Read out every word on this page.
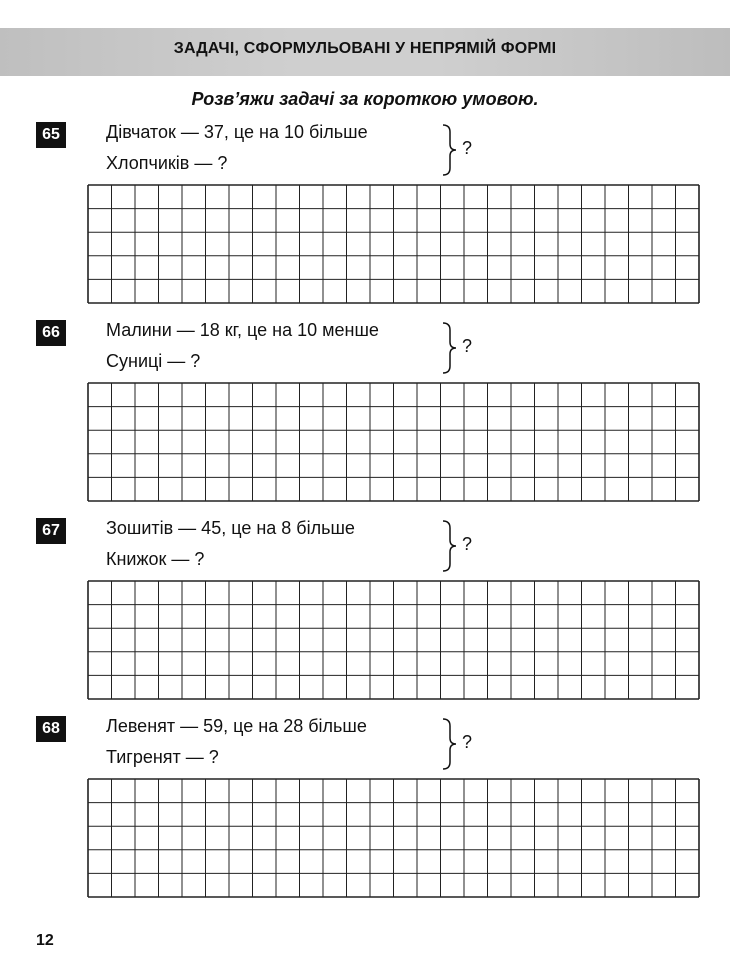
ЗАДАЧІ, СФОРМУЛЬОВАНІ У НЕПРЯМІЙ ФОРМІ
Розв’яжи задачі за короткою умовою.
65	Дівчаток — 37, це на 10 більше
Хлопчиків — ?
?
66	Малини — 18 кг, це на 10 менше
Суниці — ?
?
67	Зошитів — 45, це на 8 більше
Книжок — ?
?
68	Левенят — 59, це на 28 більше
Тигренят — ?
?
12
